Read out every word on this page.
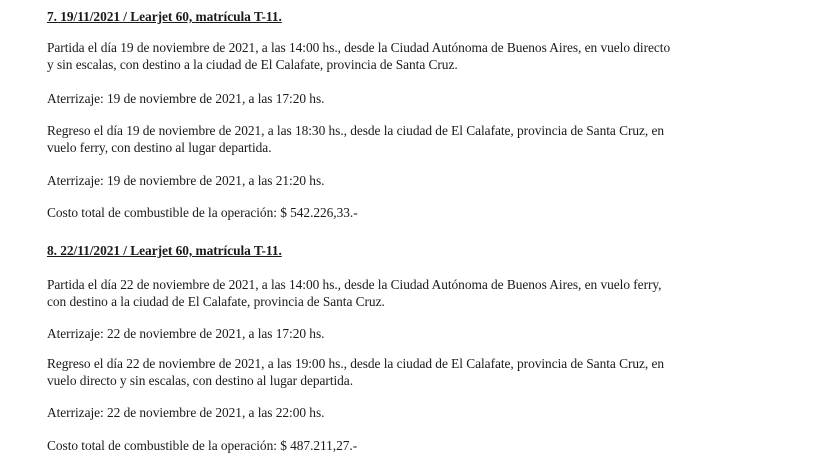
7. 19/11/2021 / Learjet 60, matrícula T-11.
Partida el día 19 de noviembre de 2021, a las 14:00 hs., desde la Ciudad Autónoma de Buenos Aires, en vuelo directo
y sin escalas, con destino a la ciudad de El Calafate, provincia de Santa Cruz.
Aterrizaje: 19 de noviembre de 2021, a las 17:20 hs.
Regreso el día 19 de noviembre de 2021, a las 18:30 hs., desde la ciudad de El Calafate, provincia de Santa Cruz, en
vuelo ferry, con destino al lugar departida.
Aterrizaje: 19 de noviembre de 2021, a las 21:20 hs.
Costo total de combustible de la operación: $ 542.226,33.-
8. 22/11/2021 / Learjet 60, matrícula T-11.
Partida el día 22 de noviembre de 2021, a las 14:00 hs., desde la Ciudad Autónoma de Buenos Aires, en vuelo ferry,
con destino a la ciudad de El Calafate, provincia de Santa Cruz.
Aterrizaje: 22 de noviembre de 2021, a las 17:20 hs.
Regreso el día 22 de noviembre de 2021, a las 19:00 hs., desde la ciudad de El Calafate, provincia de Santa Cruz, en
vuelo directo y sin escalas, con destino al lugar departida.
Aterrizaje: 22 de noviembre de 2021, a las 22:00 hs.
Costo total de combustible de la operación: $ 487.211,27.-
